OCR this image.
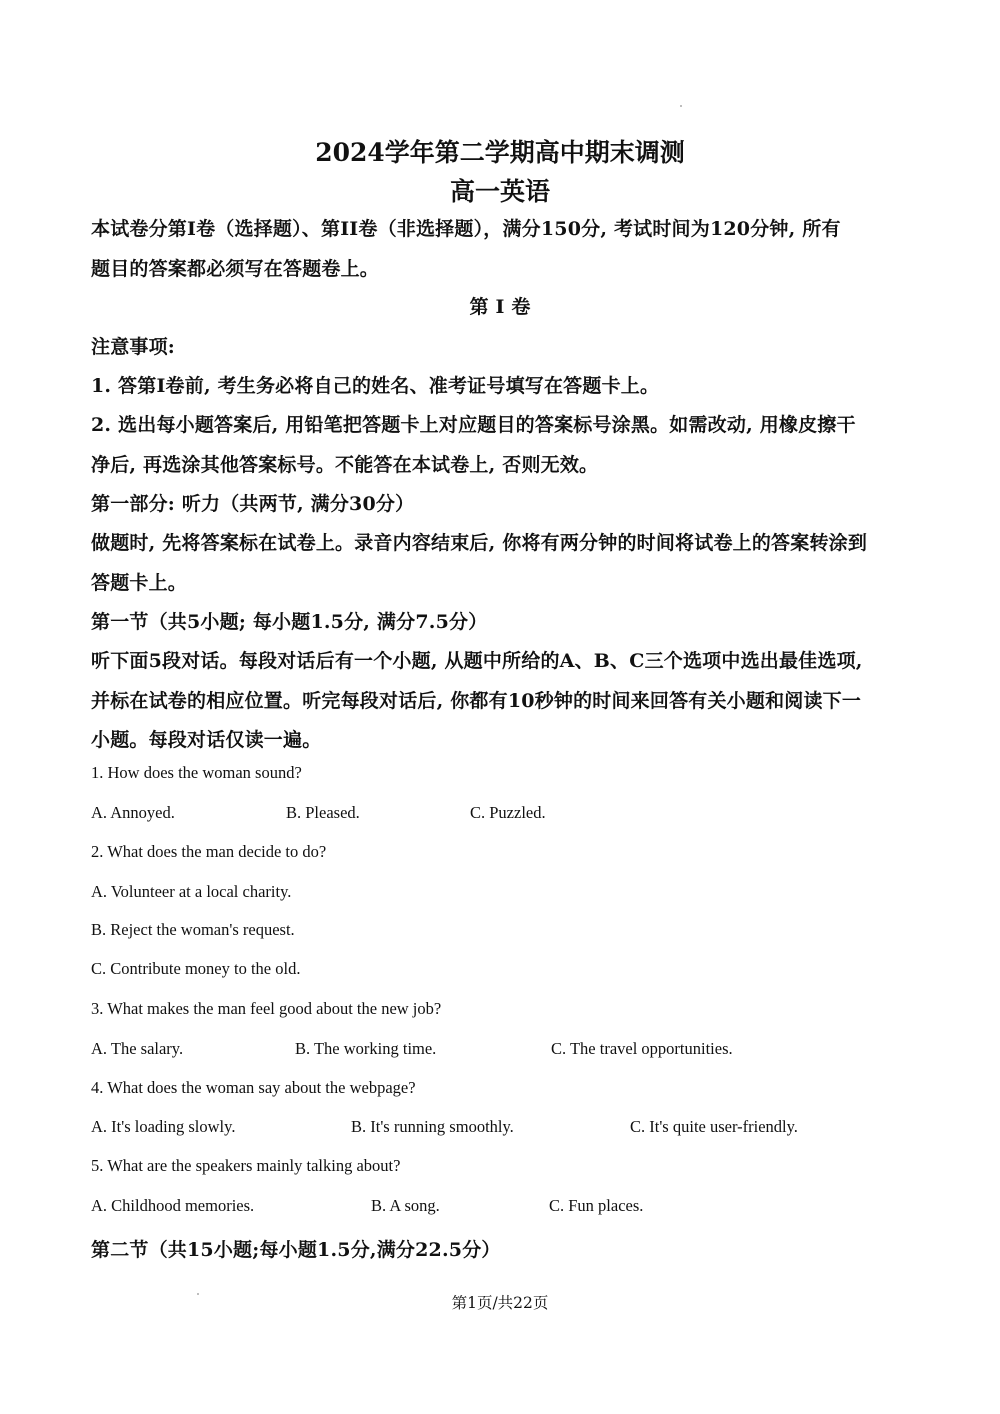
2024学年第二学期高中期末调测
高一英语
本试卷分第I卷（选择题）、第II卷（非选择题），满分150分, 考试时间为120分钟, 所有
题目的答案都必须写在答题卷上。
第 Ⅰ 卷
注意事项:
1. 答第Ⅰ卷前, 考生务必将自己的姓名、准考证号填写在答题卡上。
2. 选出每小题答案后, 用铅笔把答题卡上对应题目的答案标号涂黑。如需改动, 用橡皮擦干
净后, 再选涂其他答案标号。不能答在本试卷上, 否则无效。
第一部分: 听力（共两节, 满分30分）
做题时, 先将答案标在试卷上。录音内容结束后, 你将有两分钟的时间将试卷上的答案转涂到
答题卡上。
第一节（共5小题; 每小题1.5分, 满分7.5分）
听下面5段对话。每段对话后有一个小题, 从题中所给的A、B、C三个选项中选出最佳选项,
并标在试卷的相应位置。听完每段对话后, 你都有10秒钟的时间来回答有关小题和阅读下一
小题。每段对话仅读一遍。
1. How does the woman sound?
A. Annoyed.	B. Pleased.	C. Puzzled.
2. What does the man decide to do?
A. Volunteer at a local charity.
B. Reject the woman's request.
C. Contribute money to the old.
3. What makes the man feel good about the new job?
A. The salary.	B. The working time.	C. The travel opportunities.
4. What does the woman say about the webpage?
A. It's loading slowly.	B. It's running smoothly.	C. It's quite user-friendly.
5. What are the speakers mainly talking about?
A. Childhood memories.	B. A song.	C. Fun places.
第二节（共15小题;每小题1.5分,满分22.5分）
第1页/共22页
